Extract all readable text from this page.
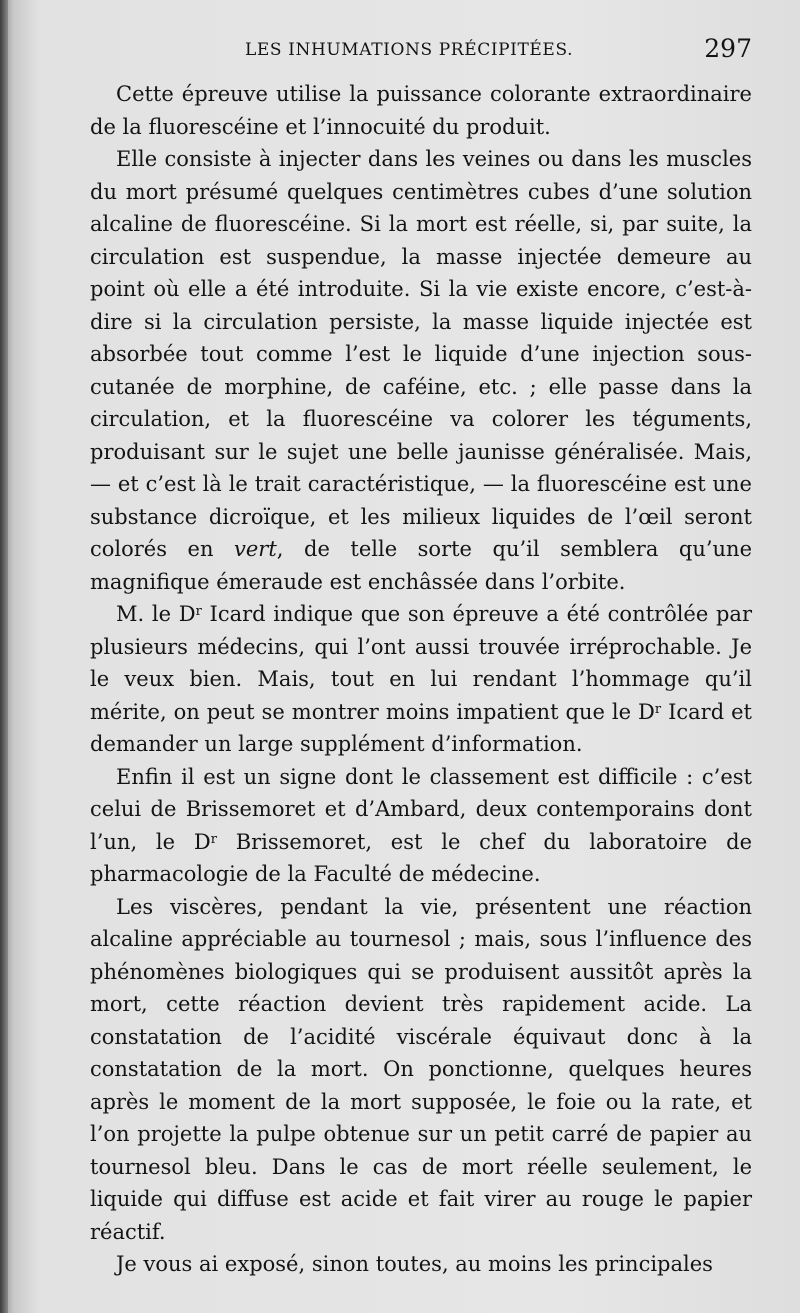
LES INHUMATIONS PRÉCIPITÉES.	297

Cette épreuve utilise la puissance colorante extraordinaire de la fluorescéine et l’innocuité du produit.

Elle consiste à injecter dans les veines ou dans les muscles du mort présumé quelques centimètres cubes d’une solution alcaline de fluorescéine. Si la mort est réelle, si, par suite, la circulation est suspendue, la masse injectée demeure au point où elle a été introduite. Si la vie existe encore, c’est-à-dire si la circulation persiste, la masse liquide injectée est absorbée tout comme l’est le liquide d’une injection sous-cutanée de morphine, de caféine, etc. ; elle passe dans la circulation, et la fluorescéine va colorer les téguments, produisant sur le sujet une belle jaunisse généralisée. Mais, — et c’est là le trait caractéristique, — la fluorescéine est une substance dicroïque, et les milieux liquides de l’œil seront colorés en vert, de telle sorte qu’il semblera qu’une magnifique émeraude est enchâssée dans l’orbite.

M. le $D^r$ Icard indique que son épreuve a été contrôlée par plusieurs médecins, qui l’ont aussi trouvée irréprochable. Je le veux bien. Mais, tout en lui rendant l’hommage qu’il mérite, on peut se montrer moins impatient que le $D^r$ Icard et demander un large supplément d’information.

Enfin il est un signe dont le classement est difficile : c’est celui de Brissemoret et d’Ambard, deux contemporains dont l’un, le $D^r$ Brissemoret, est le chef du laboratoire de pharmacologie de la Faculté de médecine.

Les viscères, pendant la vie, présentent une réaction alcaline appréciable au tournesol ; mais, sous l’influence des phénomènes biologiques qui se produisent aussitôt après la mort, cette réaction devient très rapidement acide. La constatation de l’acidité viscérale équivaut donc à la constatation de la mort. On ponctionne, quelques heures après le moment de la mort supposée, le foie ou la rate, et l’on projette la pulpe obtenue sur un petit carré de papier au tournesol bleu. Dans le cas de mort réelle seulement, le liquide qui diffuse est acide et fait virer au rouge le papier réactif.

Je vous ai exposé, sinon toutes, au moins les principales
